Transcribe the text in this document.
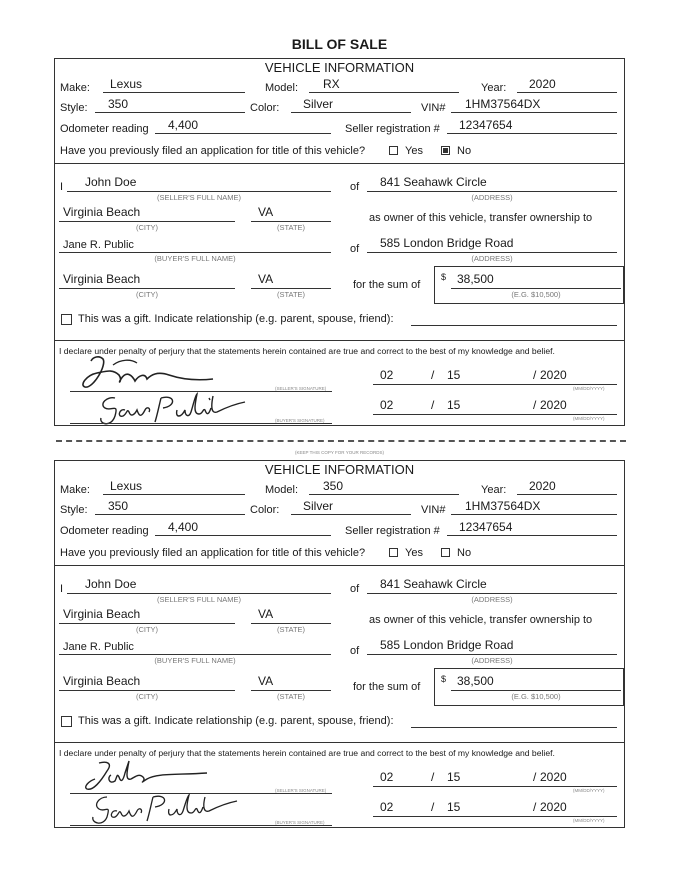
BILL OF SALE
VEHICLE INFORMATION
Make: Lexus	Model: RX	Year: 2020
Style: 350	Color: Silver	VIN# 1HM37564DX
Odometer reading 4,400	Seller registration # 12347654
Have you previously filed an application for title of this vehicle?	Yes	No
I John Doe
(SELLER'S FULL NAME)
of 841 Seahawk Circle
(ADDRESS)
Virginia Beach
(CITY)
VA
(STATE)
as owner of this vehicle, transfer ownership to
Jane R. Public
(BUYER'S FULL NAME)
of 585 London Bridge Road
(ADDRESS)
Virginia Beach
(CITY)
VA
(STATE)
for the sum of
$ 38,500
(E.G. $10,500)
This was a gift. Indicate relationship (e.g. parent, spouse, friend):
I declare under penalty of perjury that the statements herein contained are true and correct to the best of my knowledge and belief.
(SELLER'S SIGNATURE)
(BUYER'S SIGNATURE)
02	/ 15	/ 2020
(MM/DD/YYYY)
02	/ 15	/ 2020
(MM/DD/YYYY)
(KEEP THIS COPY FOR YOUR RECORDS)
VEHICLE INFORMATION
Make: Lexus	Model: 350	Year: 2020
Style: 350	Color: Silver	VIN# 1HM37564DX
Odometer reading 4,400	Seller registration # 12347654
Have you previously filed an application for title of this vehicle?	Yes	No
I John Doe
(SELLER'S FULL NAME)
of 841 Seahawk Circle
(ADDRESS)
Virginia Beach
(CITY)
VA
(STATE)
as owner of this vehicle, transfer ownership to
Jane R. Public
(BUYER'S FULL NAME)
of 585 London Bridge Road
(ADDRESS)
Virginia Beach
(CITY)
VA
(STATE)
for the sum of
$ 38,500
(E.G. $10,500)
This was a gift. Indicate relationship (e.g. parent, spouse, friend):
I declare under penalty of perjury that the statements herein contained are true and correct to the best of my knowledge and belief.
(SELLER'S SIGNATURE)
(BUYER'S SIGNATURE)
02	/ 15	/ 2020
(MM/DD/YYYY)
02	/ 15	/ 2020
(MM/DD/YYYY)
